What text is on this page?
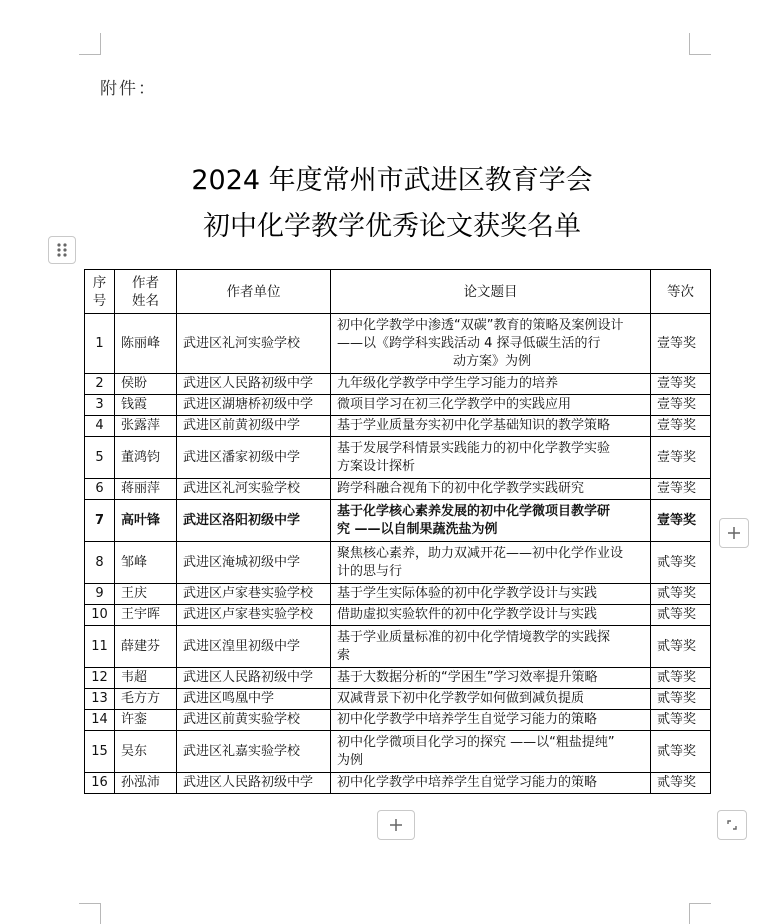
附件：
2024 年度常州市武进区教育学会
初中化学教学优秀论文获奖名单
序
号	作者
姓名	作者单位	论文题目	等次
1	陈丽峰	武进区礼河实验学校	初中化学教学中渗透“双碳”教育的策略及案例设计
——以《跨学科实践活动 4 探寻低碳生活的行
动方案》为例	壹等奖
2	侯盼	武进区人民路初级中学	九年级化学教学中学生学习能力的培养	壹等奖
3	钱霞	武进区湖塘桥初级中学	微项目学习在初三化学教学中的实践应用	壹等奖
4	张露萍	武进区前黄初级中学	基于学业质量夯实初中化学基础知识的教学策略	壹等奖
5	董鸿钧	武进区潘家初级中学	基于发展学科情景实践能力的初中化学教学实验
方案设计探析	壹等奖
6	蒋丽萍	武进区礼河实验学校	跨学科融合视角下的初中化学教学实践研究	壹等奖
7	高叶锋	武进区洛阳初级中学	基于化学核心素养发展的初中化学微项目教学研
究 ——以自制果蔬洗盐为例	壹等奖
8	邹峰	武进区淹城初级中学	聚焦核心素养，助力双减开花——初中化学作业设
计的思与行	贰等奖
9	王庆	武进区卢家巷实验学校	基于学生实际体验的初中化学教学设计与实践	贰等奖
10	王宇晖	武进区卢家巷实验学校	借助虚拟实验软件的初中化学教学设计与实践	贰等奖
11	薛建芬	武进区湟里初级中学	基于学业质量标准的初中化学情境教学的实践探
索	贰等奖
12	韦超	武进区人民路初级中学	基于大数据分析的“学困生”学习效率提升策略	贰等奖
13	毛方方	武进区鸣凰中学	双减背景下初中化学教学如何做到减负提质	贰等奖
14	许銮	武进区前黄实验学校	初中化学教学中培养学生自觉学习能力的策略	贰等奖
15	吴东	武进区礼嘉实验学校	初中化学微项目化学习的探究 ——以“粗盐提纯”
为例	贰等奖
16	孙泓沛	武进区人民路初级中学	初中化学教学中培养学生自觉学习能力的策略	贰等奖
